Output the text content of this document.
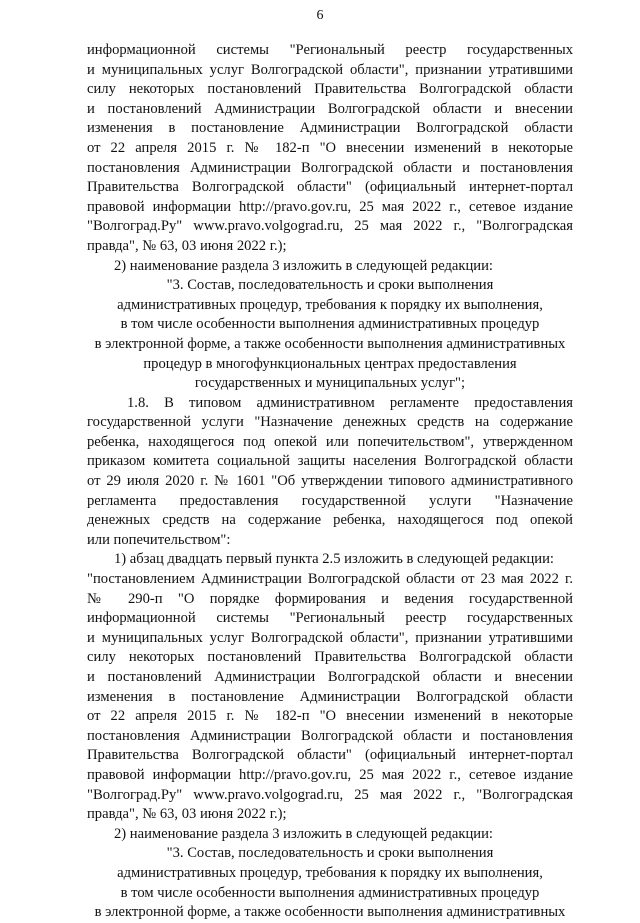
6
информационной системы "Региональный реестр государственных
и муниципальных услуг Волгоградской области", признании утратившими
силу некоторых постановлений Правительства Волгоградской области
и постановлений Администрации Волгоградской области и внесении
изменения в постановление Администрации Волгоградской области
от 22 апреля 2015 г. № 182-п "О внесении изменений в некоторые
постановления Администрации Волгоградской области и постановления
Правительства Волгоградской области" (официальный интернет-портал
правовой информации http://pravo.gov.ru, 25 мая 2022 г., сетевое издание
"Волгоград.Ру" www.pravo.volgograd.ru, 25 мая 2022 г., "Волгоградская
правда", № 63, 03 июня 2022 г.);
2) наименование раздела 3 изложить в следующей редакции:
"3. Состав, последовательность и сроки выполнения
административных процедур, требования к порядку их выполнения,
в том числе особенности выполнения административных процедур
в электронной форме, а также особенности выполнения административных
процедур в многофункциональных центрах предоставления
государственных и муниципальных услуг";
1.8. В типовом административном регламенте предоставления
государственной услуги "Назначение денежных средств на содержание
ребенка, находящегося под опекой или попечительством", утвержденном
приказом комитета социальной защиты населения Волгоградской области
от 29 июля 2020 г. № 1601 "Об утверждении типового административного
регламента предоставления государственной услуги "Назначение
денежных средств на содержание ребенка, находящегося под опекой
или попечительством":
1) абзац двадцать первый пункта 2.5 изложить в следующей редакции:
"постановлением Администрации Волгоградской области от 23 мая 2022 г.
№ 290-п "О порядке формирования и ведения государственной
информационной системы "Региональный реестр государственных
и муниципальных услуг Волгоградской области", признании утратившими
силу некоторых постановлений Правительства Волгоградской области
и постановлений Администрации Волгоградской области и внесении
изменения в постановление Администрации Волгоградской области
от 22 апреля 2015 г. № 182-п "О внесении изменений в некоторые
постановления Администрации Волгоградской области и постановления
Правительства Волгоградской области" (официальный интернет-портал
правовой информации http://pravo.gov.ru, 25 мая 2022 г., сетевое издание
"Волгоград.Ру" www.pravo.volgograd.ru, 25 мая 2022 г., "Волгоградская
правда", № 63, 03 июня 2022 г.);
2) наименование раздела 3 изложить в следующей редакции:
"3. Состав, последовательность и сроки выполнения
административных процедур, требования к порядку их выполнения,
в том числе особенности выполнения административных процедур
в электронной форме, а также особенности выполнения административных
